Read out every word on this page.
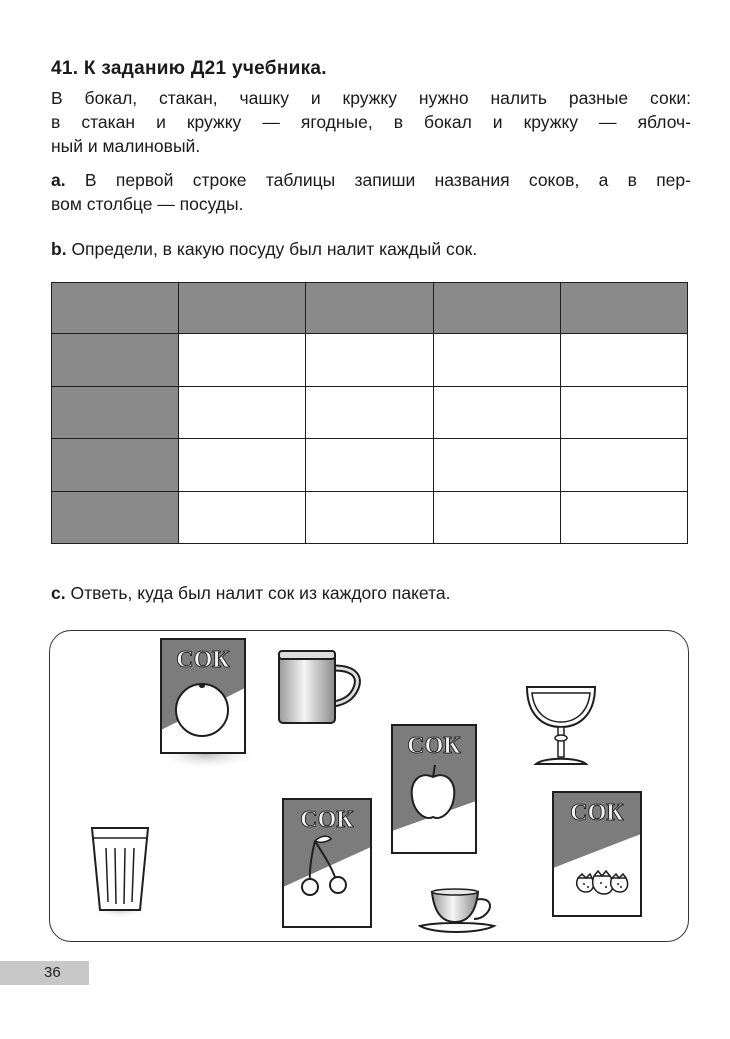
41. К заданию Д21 учебника.
В бокал, стакан, чашку и кружку нужно налить разные соки:
в стакан и кружку — ягодные, в бокал и кружку — яблоч-
ный и малиновый.
a. В первой строке таблицы запиши названия соков, а в пер-
вом столбце — посуды.
b. Определи, в какую посуду был налит каждый сок.

c. Ответь, куда был налит сок из каждого пакета.
СОК
СОК
СОК	СОК
36
